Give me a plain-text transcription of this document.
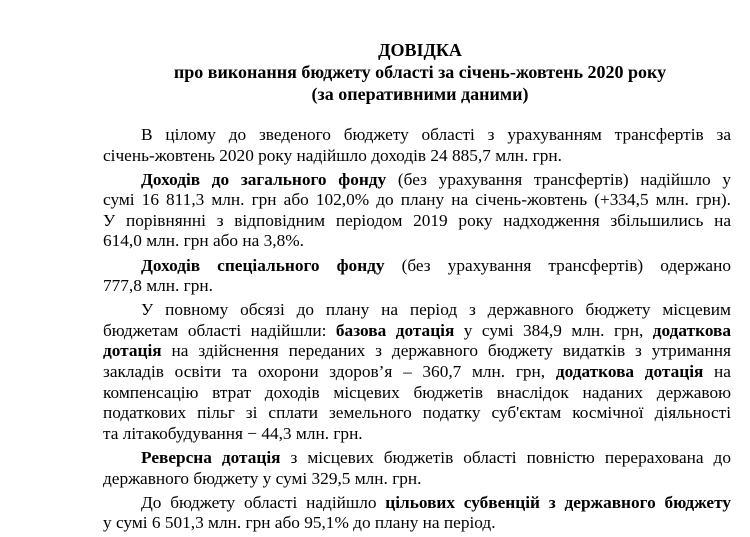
ДОВІДКА
про виконання бюджету області за січень-жовтень 2020 року
(за оперативними даними)
В цілому до зведеного бюджету області з урахуванням трансфертів за
січень-жовтень 2020 року надійшло доходів 24 885,7 млн. грн.
Доходів до загального фонду (без урахування трансфертів) надійшло у
сумі 16 811,3 млн. грн або 102,0% до плану на січень-жовтень (+334,5 млн. грн).
У порівнянні з відповідним періодом 2019 року надходження збільшились на
614,0 млн. грн або на 3,8%.
Доходів спеціального фонду (без урахування трансфертів) одержано
777,8 млн. грн.
У повному обсязі до плану на період з державного бюджету місцевим
бюджетам області надійшли: базова дотація у сумі 384,9 млн. грн, додаткова
дотація на здійснення переданих з державного бюджету видатків з утримання
закладів освіти та охорони здоров’я – 360,7 млн. грн, додаткова дотація на
компенсацію втрат доходів місцевих бюджетів внаслідок наданих державою
податкових пільг зі сплати земельного податку суб'єктам космічної діяльності
та літакобудування − 44,3 млн. грн.
Реверсна дотація з місцевих бюджетів області повністю перерахована до
державного бюджету у сумі 329,5 млн. грн.
До бюджету області надійшло цільових субвенцій з державного бюджету
у сумі 6 501,3 млн. грн або 95,1% до плану на період.
